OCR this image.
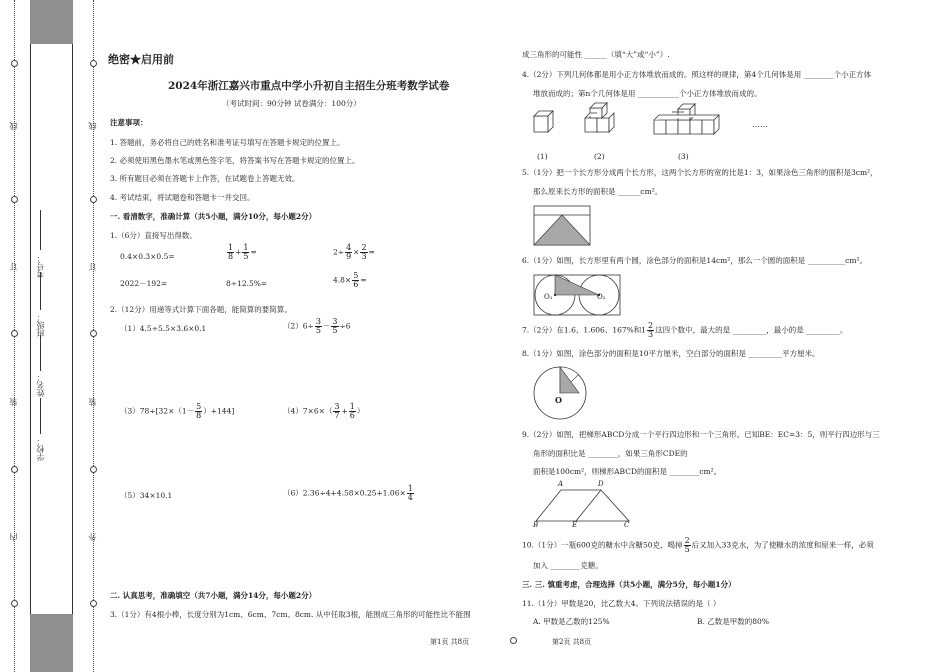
线
订
装
内
线
订
装
外
学校：
姓名：
班级：
考号：
绝密★启用前
2024年浙江嘉兴市重点中学小升初自主招生分班考数学试卷
（考试时间：90分钟 试卷满分：100分）
注意事项：
1. 答题前，务必将自己的姓名和准考证号填写在答题卡规定的位置上。
2. 必须使用黑色墨水笔或黑色签字笔，将答案书写在答题卡规定的位置上。
3. 所有题目必须在答题卡上作答，在试题卷上答题无效。
4. 考试结束，将试题卷和答题卡一并交回。
一. 看清数字，准确计算（共5小题，满分10分，每小题2分）
1.（6分）直接写出得数。
0.4×0.3×0.5=	$\frac{1}{8} + \frac{1}{5}$ =	$2\div \frac{4}{9} \times \frac{2}{3}$ =
2022－192=	8÷12.5%=	$4.8\times \frac{5}{6}$ =
2.（12分）用递等式计算下面各题，能简算的要简算。
（1）4.5÷5.5×3.6×0.1	$(2)6\div \frac{3}{5} - \frac{3}{5} \div 6$
$(3)78\div[32\times(1- \frac{5}{8} )+144]$	$(4)7\times 6\times( \frac{3}{7} + \frac{1}{6}$ ）
（5）34×10.1	$(6)2.36\div 4+4.58\times 0.25+1.06\times \frac{1}{4}$
二. 认真思考，准确填空（共7小题，满分14分，每小题2分）
3.（1分）有4根小棒，长度分别为1cm、6cm、7cm、8cm. 从中任取3根，能围成三角形的可能性比不能围
成三角形的可能性 ______（填“大”或“小”）.
4.（2分）下列几何体都是用小正方体堆放而成的。照这样的规律，第4个几何体是用 ________个小正方体
堆放而成的；第n个几何体是用 ___________个小正方体堆放而成的。
……
(1)	(2)	(3)
5.（1分）把一个长方形分成两个长方形，这两个长方形的宽的比是1：3，如果涂色三角形的面积是3cm²，
那么原来长方形的面积是 ______cm²。
6.（1分）如图，长方形里有两个圆，涂色部分的面积是14cm²，那么一个圆的面积是 __________cm²。
O₁	O₂
7.（2分）在1.6、1.606、167%和$1 \frac{2}{3}$ 这四个数中，最大的是 _________，最小的是 _________。
8.（1分）如图，涂色部分的面积是10平方厘米，空白部分的面积是 _________平方厘米。
O
9.（2分）如图，把梯形ABCD分成一个平行四边形和一个三角形。已知BE：EC=3：5，则平行四边形与三
角形的面积比是 ________，如果三角形CDE的
面积是100cm²，则梯形ABCD的面积是 ________cm²。
A	D
B	E	C
10.（1分）一瓶600克的糖水中含糖50克，喝掉 $\frac{2}{5}$ 后又加入33克水，为了使糖水的浓度和原来一样，必须
加入 ________克糖。
三. 三. 慎重考虑，合理选择（共5小题，满分5分，每小题1分）
11.（1分）甲数是20，比乙数大4。下列说法错误的是（ ）
A. 甲数是乙数的125%	B. 乙数是甲数的80%
第1页 共8页	第2页 共8页
